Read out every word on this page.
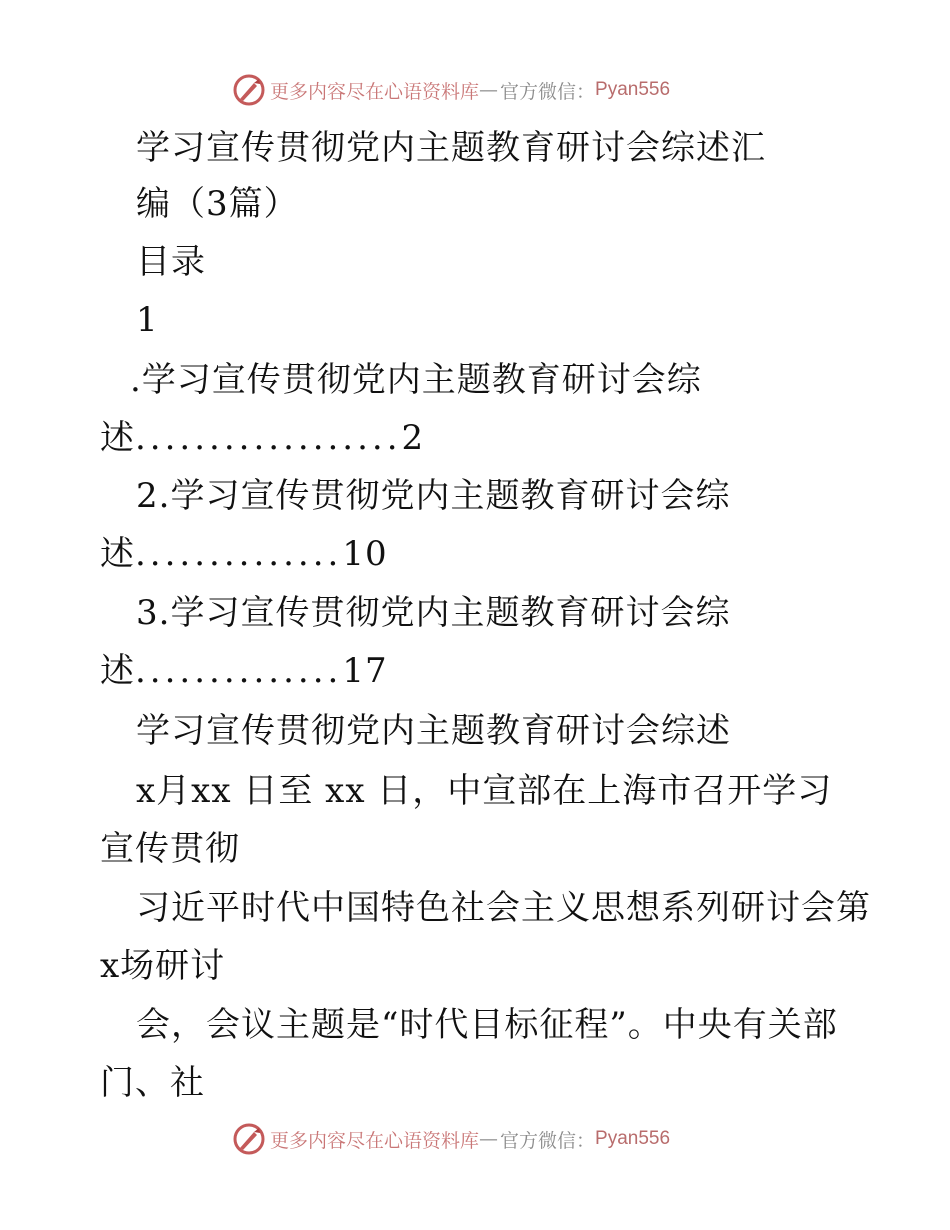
更多内容尽在心语资料库 — 官方微信： Pyan556
学习宣传贯彻党内主题教育研讨会综述汇
编（3篇）
目录
1
.学习宣传贯彻党内主题教育研讨会综
述..................2
2.学习宣传贯彻党内主题教育研讨会综
述..............10
3.学习宣传贯彻党内主题教育研讨会综
述..............17
学习宣传贯彻党内主题教育研讨会综述
x月xx 日至 xx 日，中宣部在上海市召开学习
宣传贯彻
习近平时代中国特色社会主义思想系列研讨会第
x场研讨
会，会议主题是“时代目标征程”。中央有关部
门、社
更多内容尽在心语资料库 — 官方微信： Pyan556
